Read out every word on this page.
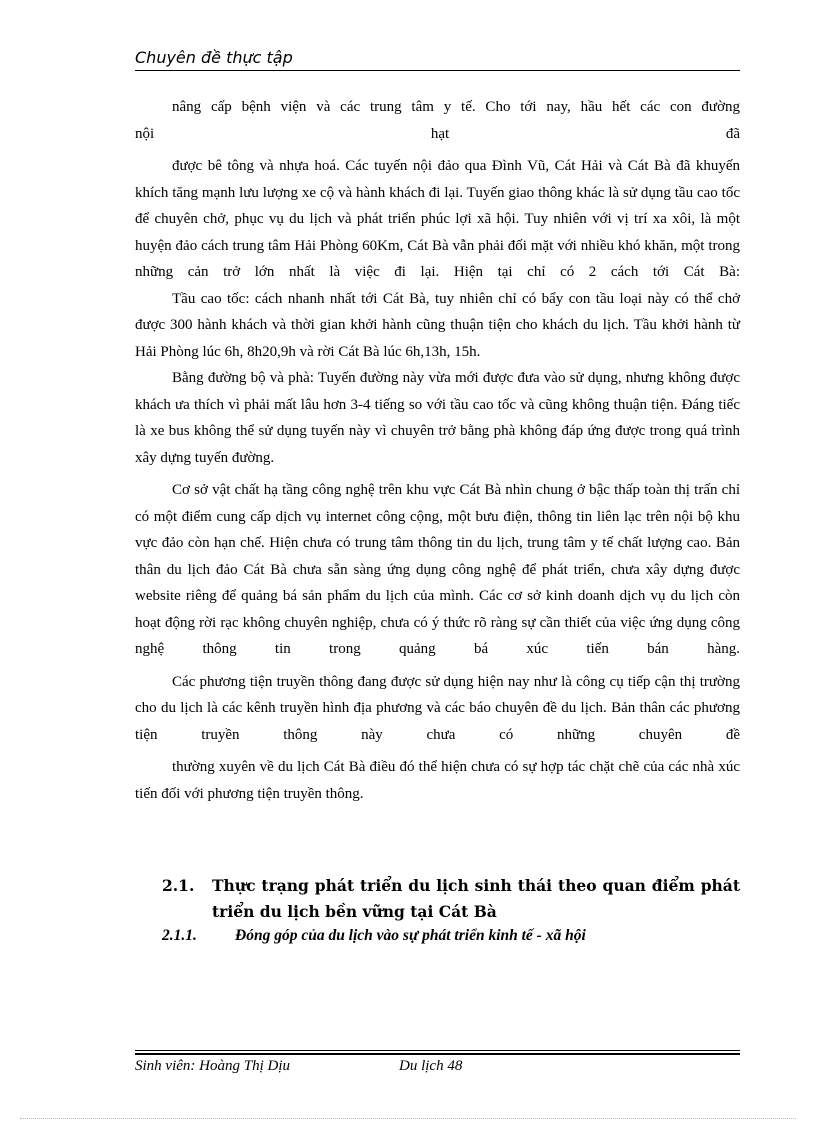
Chuyên đề thực tập

nâng cấp bệnh viện và các trung tâm y tế. Cho tới nay, hầu hết các con đường

nội hạt đã

được bê tông và nhựa hoá. Các tuyến nội đảo qua Đình Vũ, Cát Hải và Cát Bà đã khuyến khích tăng mạnh lưu lượng xe cộ và hành khách đi lại. Tuyến giao thông khác là sử dụng tầu cao tốc để chuyên chở, phục vụ du lịch và phát triển phúc lợi xã hội. Tuy nhiên với vị trí xa xôi, là một huyện đảo cách trung tâm Hải Phòng 60Km, Cát Bà vẫn phải đối mặt với nhiều khó khăn, một trong những cản trở lớn nhất là việc đi lại. Hiện tại chỉ có 2 cách tới Cát Bà:

Tầu cao tốc: cách nhanh nhất tới Cát Bà, tuy nhiên chỉ có bẩy con tầu loại này có thể chở được 300 hành khách và thời gian khởi hành cũng thuận tiện cho khách du lịch. Tầu khởi hành từ Hải Phòng lúc 6h, 8h20,9h và rời Cát Bà lúc 6h,13h, 15h.

Bằng đường bộ và phà: Tuyến đường này vừa mới được đưa vào sử dụng, nhưng không được khách ưa thích vì phải mất lâu hơn 3-4 tiếng so với tầu cao tốc và cũng không thuận tiện. Đáng tiếc là xe bus không thể sử dụng tuyến này vì chuyên trở bằng phà không đáp ứng được trong quá trình xây dựng tuyến đường.

Cơ sở vật chất hạ tầng công nghệ trên khu vực Cát Bà nhìn chung ở bậc thấp toàn thị trấn chỉ có một điểm cung cấp dịch vụ internet công cộng, một bưu điện, thông tin liên lạc trên nội bộ khu vực đảo còn hạn chế. Hiện chưa có trung tâm thông tin du lịch, trung tâm y tế chất lượng cao. Bản thân du lịch đảo Cát Bà chưa sẵn sàng ứng dụng công nghệ để phát triển, chưa xây dựng được website riêng để quảng bá sản phẩm du lịch của mình. Các cơ sở kinh doanh dịch vụ du lịch còn hoạt động rời rạc không chuyên nghiệp, chưa có ý thức rõ ràng sự cần thiết của việc ứng dụng công nghệ thông tin trong quảng bá xúc tiến bán hàng.

Các phương tiện truyền thông đang được sử dụng hiện nay như là công cụ tiếp cận thị trường cho du lịch là các kênh truyền hình địa phương và các báo chuyên đề du lịch. Bản thân các phương tiện truyền thông này chưa có những chuyên đề

thường xuyên về du lịch Cát Bà điều đó thể hiện chưa có sự hợp tác chặt chẽ của các nhà xúc tiến đối với phương tiện truyền thông.

2.1. Thực trạng phát triển du lịch sinh thái theo quan điểm phát triển du lịch bền vững tại Cát Bà
2.1.1. Đóng góp của du lịch vào sự phát triển kinh tế - xã hội
Sinh viên: Hoàng Thị Dịu	Du lịch 48
